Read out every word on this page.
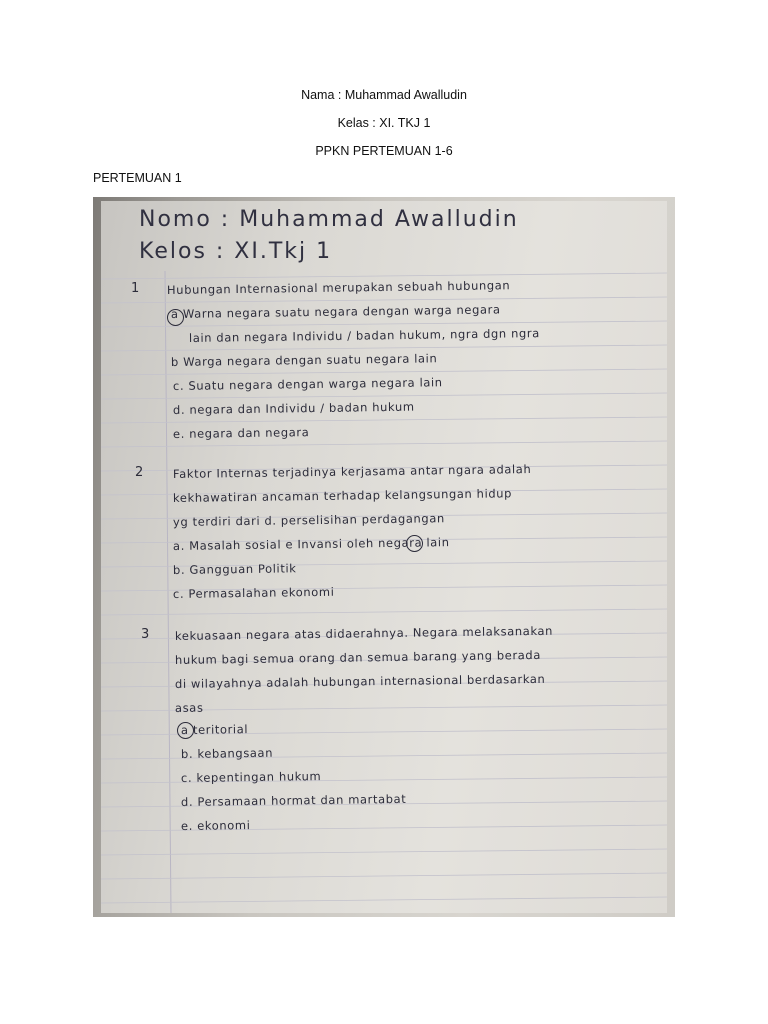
Nama : Muhammad Awalludin
Kelas : XI. TKJ 1
PPKN PERTEMUAN 1-6
PERTEMUAN 1
Nomo : Muhammad Awalludin
Kelos : XI.Tkj 1
1 Hubungan Internasional merupakan sebuah hubungan
a Warna negara suatu negara dengan warga negara
lain dan negara Individu / badan hukum, ngra dgn ngra
b Warga negara dengan suatu negara lain
c. Suatu negara dengan warga negara lain
d. negara dan Individu / badan hukum
e. negara dan negara
2	Faktor Internas terjadinya kerjasama antar ngara adalah
kekhawatiran ancaman terhadap kelangsungan hidup
yg terdiri dari d. perselisihan perdagangan
a. Masalah sosial e Invansi oleh negara lain
b. Gangguan Politik
c. Permasalahan ekonomi
3 kekuasaan negara atas didaerahnya. Negara melaksanakan
hukum bagi semua orang dan semua barang yang berada
di wilayahnya adalah hubungan internasional berdasarkan
asas
a teritorial
b. kebangsaan
c. kepentingan hukum
d. Persamaan hormat dan martabat
e. ekonomi
